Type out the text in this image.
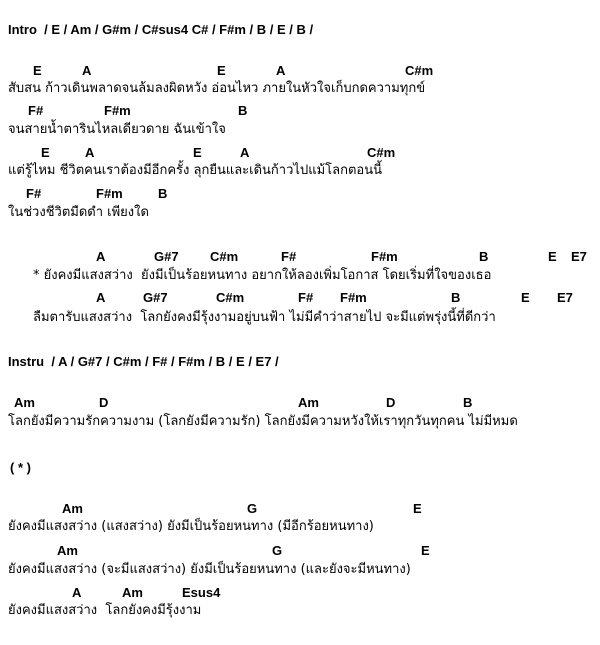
Intro  / E / Am / G#m / C#sus4 C# / F#m / B / E / B /
E	A	E	A	C#m
สับสน ก้าวเดินพลาดจนล้มลงผิดหวัง อ่อนไหว ภายในหัวใจเก็บกดความทุกข์
F#	F#m	B
จนสายน้ำตารินไหลเดียวดาย ฉันเข้าใจ
E	A	E	A	C#m
แต่รู้ไหม ชีวิตคนเราต้องมีอีกครั้ง ลุกยืนและเดินก้าวไปแม้โลกตอนนี้
F#	F#m	B
ในช่วงชีวิตมืดดำ เพียงใด
A	G#7 C#m	F#	F#m	B	E E7
* ยังคงมีแสงสว่าง  ยังมีเป็นร้อยหนทาง อยากให้ลองเพิ่มโอกาส โดยเริ่มที่ใจของเธอ
A	G#7	C#m	F# F#m	B	E E7
ลืมตารับแสงสว่าง  โลกยังคงมีรุ้งงามอยู่บนฟ้า ไม่มีคำว่าสายไป จะมีแต่พรุ่งนี้ที่ดีกว่า
Instru  / A / G#7 / C#m / F# / F#m / B / E / E7 /
Am	D	Am	D	B
โลกยังมีความรักความงาม (โลกยังมีความรัก) โลกยังมีความหวังให้เราทุกวันทุกคน ไม่มีหมด
( * )
Am	G	E
ยังคงมีแสงสว่าง (แสงสว่าง) ยังมีเป็นร้อยหนทาง (มีอีกร้อยหนทาง)
Am	G	E
ยังคงมีแสงสว่าง (จะมีแสงสว่าง) ยังมีเป็นร้อยหนทาง (และยังจะมีหนทาง)
A	Am	Esus4
ยังคงมีแสงสว่าง  โลกยังคงมีรุ้งงาม
